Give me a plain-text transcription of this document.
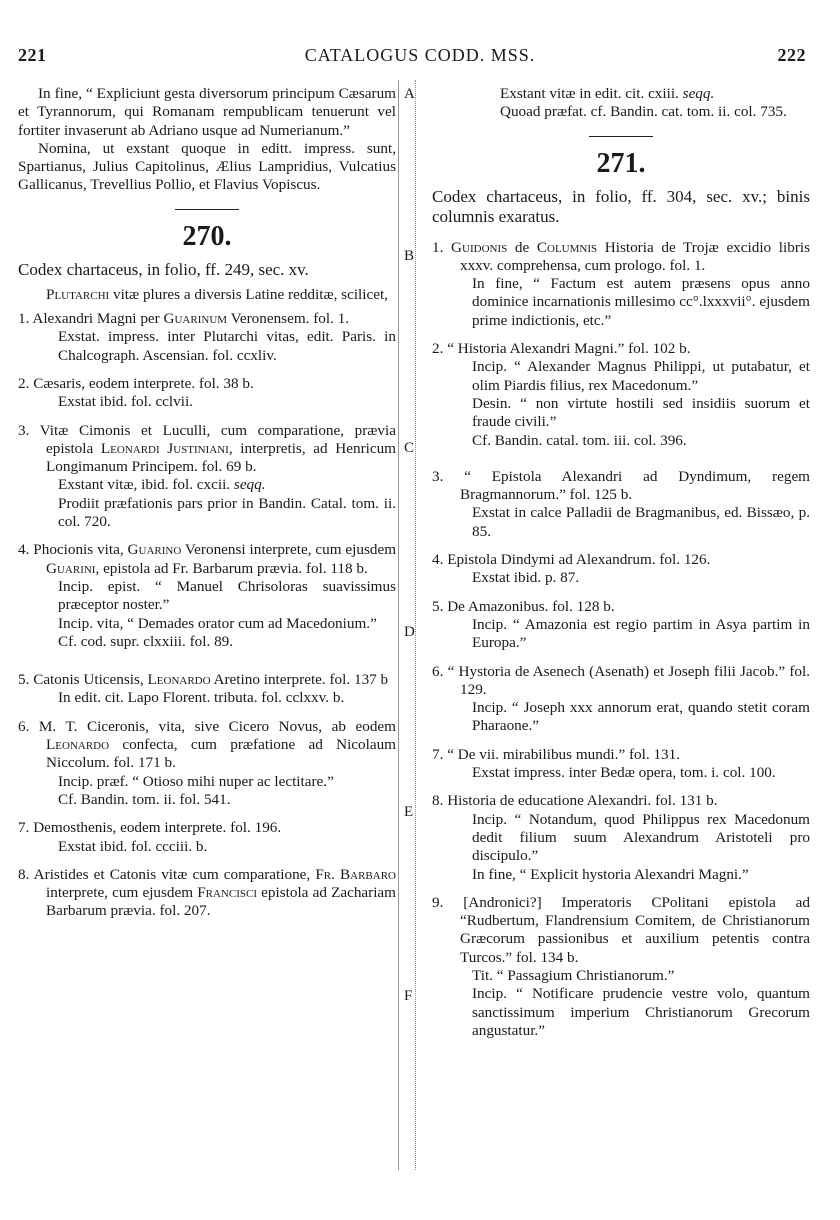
221	CATALOGUS CODD. MSS.	222
A
B
C
D
E
F

In fine, “ Expliciunt gesta diversorum principum Cæsarum et Tyrannorum, qui Romanam rempublicam tenuerunt vel fortiter invaserunt ab Adriano usque ad Numerianum.”

Nomina, ut exstant quoque in editt. impress. sunt, Spartianus, Julius Capitolinus, Ælius Lampridius, Vulcatius Gallicanus, Trevellius Pollio, et Flavius Vopiscus.

270.

Codex chartaceus, in folio, ff. 249, sec. xv.

Plutarchi vitæ plures a diversis Latine redditæ, scilicet,

1. Alexandri Magni per Guarinum Veronensem. fol. 1.

Exstat. impress. inter Plutarchi vitas, edit. Paris. in Chalcograph. Ascensian. fol. ccxliv.

2. Cæsaris, eodem interprete. fol. 38 b.

Exstat ibid. fol. cclvii.

3. Vitæ Cimonis et Luculli, cum comparatione, prævia epistola Leonardi Justiniani, interpretis, ad Henricum Longimanum Principem. fol. 69 b.

Exstant vitæ, ibid. fol. cxcii. seqq.

Prodiit præfationis pars prior in Bandin. Catal. tom. ii. col. 720.

4. Phocionis vita, Guarino Veronensi interprete, cum ejusdem Guarini, epistola ad Fr. Barbarum prævia. fol. 118 b.

Incip. epist. “ Manuel Chrisoloras suavissimus præceptor noster.”

Incip. vita, “ Demades orator cum ad Macedonium.”

Cf. cod. supr. clxxiii. fol. 89.

5. Catonis Uticensis, Leonardo Aretino interprete. fol. 137 b

In edit. cit. Lapo Florent. tributa. fol. cclxxv. b.

6. M. T. Ciceronis, vita, sive Cicero Novus, ab eodem Leonardo confecta, cum præfatione ad Nicolaum Niccolum. fol. 171 b.

Incip. præf. “ Otioso mihi nuper ac lectitare.”

Cf. Bandin. tom. ii. fol. 541.

7. Demosthenis, eodem interprete. fol. 196.

Exstat ibid. fol. ccciii. b.

8. Aristides et Catonis vitæ cum comparatione, Fr. Barbaro interprete, cum ejusdem Francisci epistola ad Zachariam Barbarum prævia. fol. 207.

Exstant vitæ in edit. cit. cxiii. seqq.

Quoad præfat. cf. Bandin. cat. tom. ii. col. 735.

271.

Codex chartaceus, in folio, ff. 304, sec. xv.; binis columnis exaratus.

1. Guidonis de Columnis Historia de Trojæ excidio libris xxxv. comprehensa, cum prologo. fol. 1.

In fine, “ Factum est autem præsens opus anno dominice incarnationis millesimo cc°.lxxxvii°. ejusdem prime indictionis, etc.”

2. “ Historia Alexandri Magni.” fol. 102 b.

Incip. “ Alexander Magnus Philippi, ut putabatur, et olim Piardis filius, rex Macedonum.”

Desin. “ non virtute hostili sed insidiis suorum et fraude civili.”

Cf. Bandin. catal. tom. iii. col. 396.

3. “ Epistola Alexandri ad Dyndimum, regem Bragmannorum.” fol. 125 b.

Exstat in calce Palladii de Bragmanibus, ed. Bissæo, p. 85.

4. Epistola Dindymi ad Alexandrum. fol. 126.

Exstat ibid. p. 87.

5. De Amazonibus. fol. 128 b.

Incip. “ Amazonia est regio partim in Asya partim in Europa.”

6. “ Hystoria de Asenech (Asenath) et Joseph filii Jacob.” fol. 129.

Incip. “ Joseph xxx annorum erat, quando stetit coram Pharaone.”

7. “ De vii. mirabilibus mundi.” fol. 131.

Exstat impress. inter Bedæ opera, tom. i. col. 100.

8. Historia de educatione Alexandri. fol. 131 b.

Incip. “ Notandum, quod Philippus rex Macedonum dedit filium suum Alexandrum Aristoteli pro discipulo.”

In fine, “ Explicit hystoria Alexandri Magni.”

9. [Andronici?] Imperatoris CPolitani epistola ad “Rudbertum, Flandrensium Comitem, de Christianorum Græcorum passionibus et auxilium petentis contra Turcos.” fol. 134 b.

Tit. “ Passagium Christianorum.”

Incip. “ Notificare prudencie vestre volo, quantum sanctissimum imperium Christianorum Grecorum angustatur.”
